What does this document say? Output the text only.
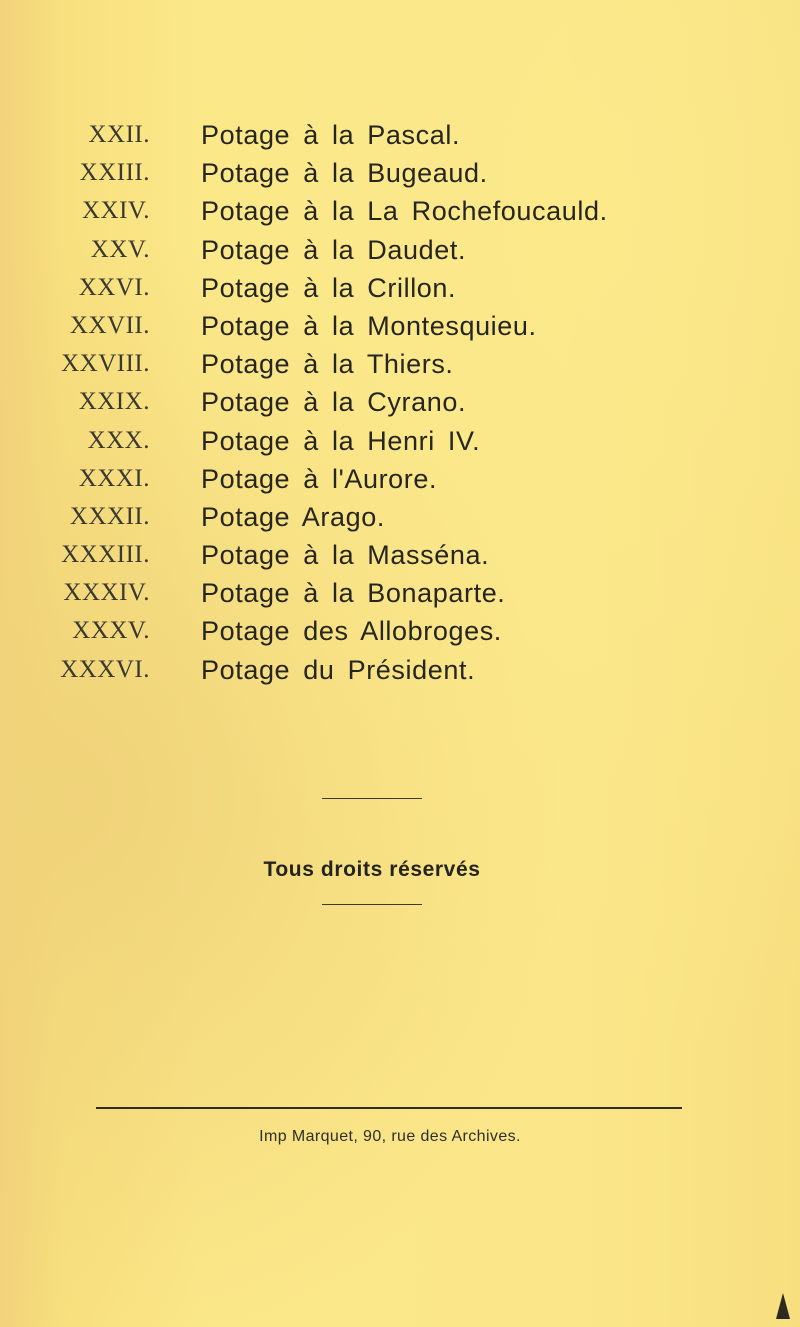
XXII. Potage à la Pascal.
XXIII. Potage à la Bugeaud.
XXIV. Potage à la La Rochefoucauld.
XXV. Potage à la Daudet.
XXVI. Potage à la Crillon.
XXVII. Potage à la Montesquieu.
XXVIII. Potage à la Thiers.
XXIX. Potage à la Cyrano.
XXX. Potage à la Henri IV.
XXXI. Potage à l'Aurore.
XXXII. Potage Arago.
XXXIII. Potage à la Masséna.
XXXIV. Potage à la Bonaparte.
XXXV. Potage des Allobroges.
XXXVI. Potage du Président.
Tous droits réservés
Imp Marquet, 90, rue des Archives.
